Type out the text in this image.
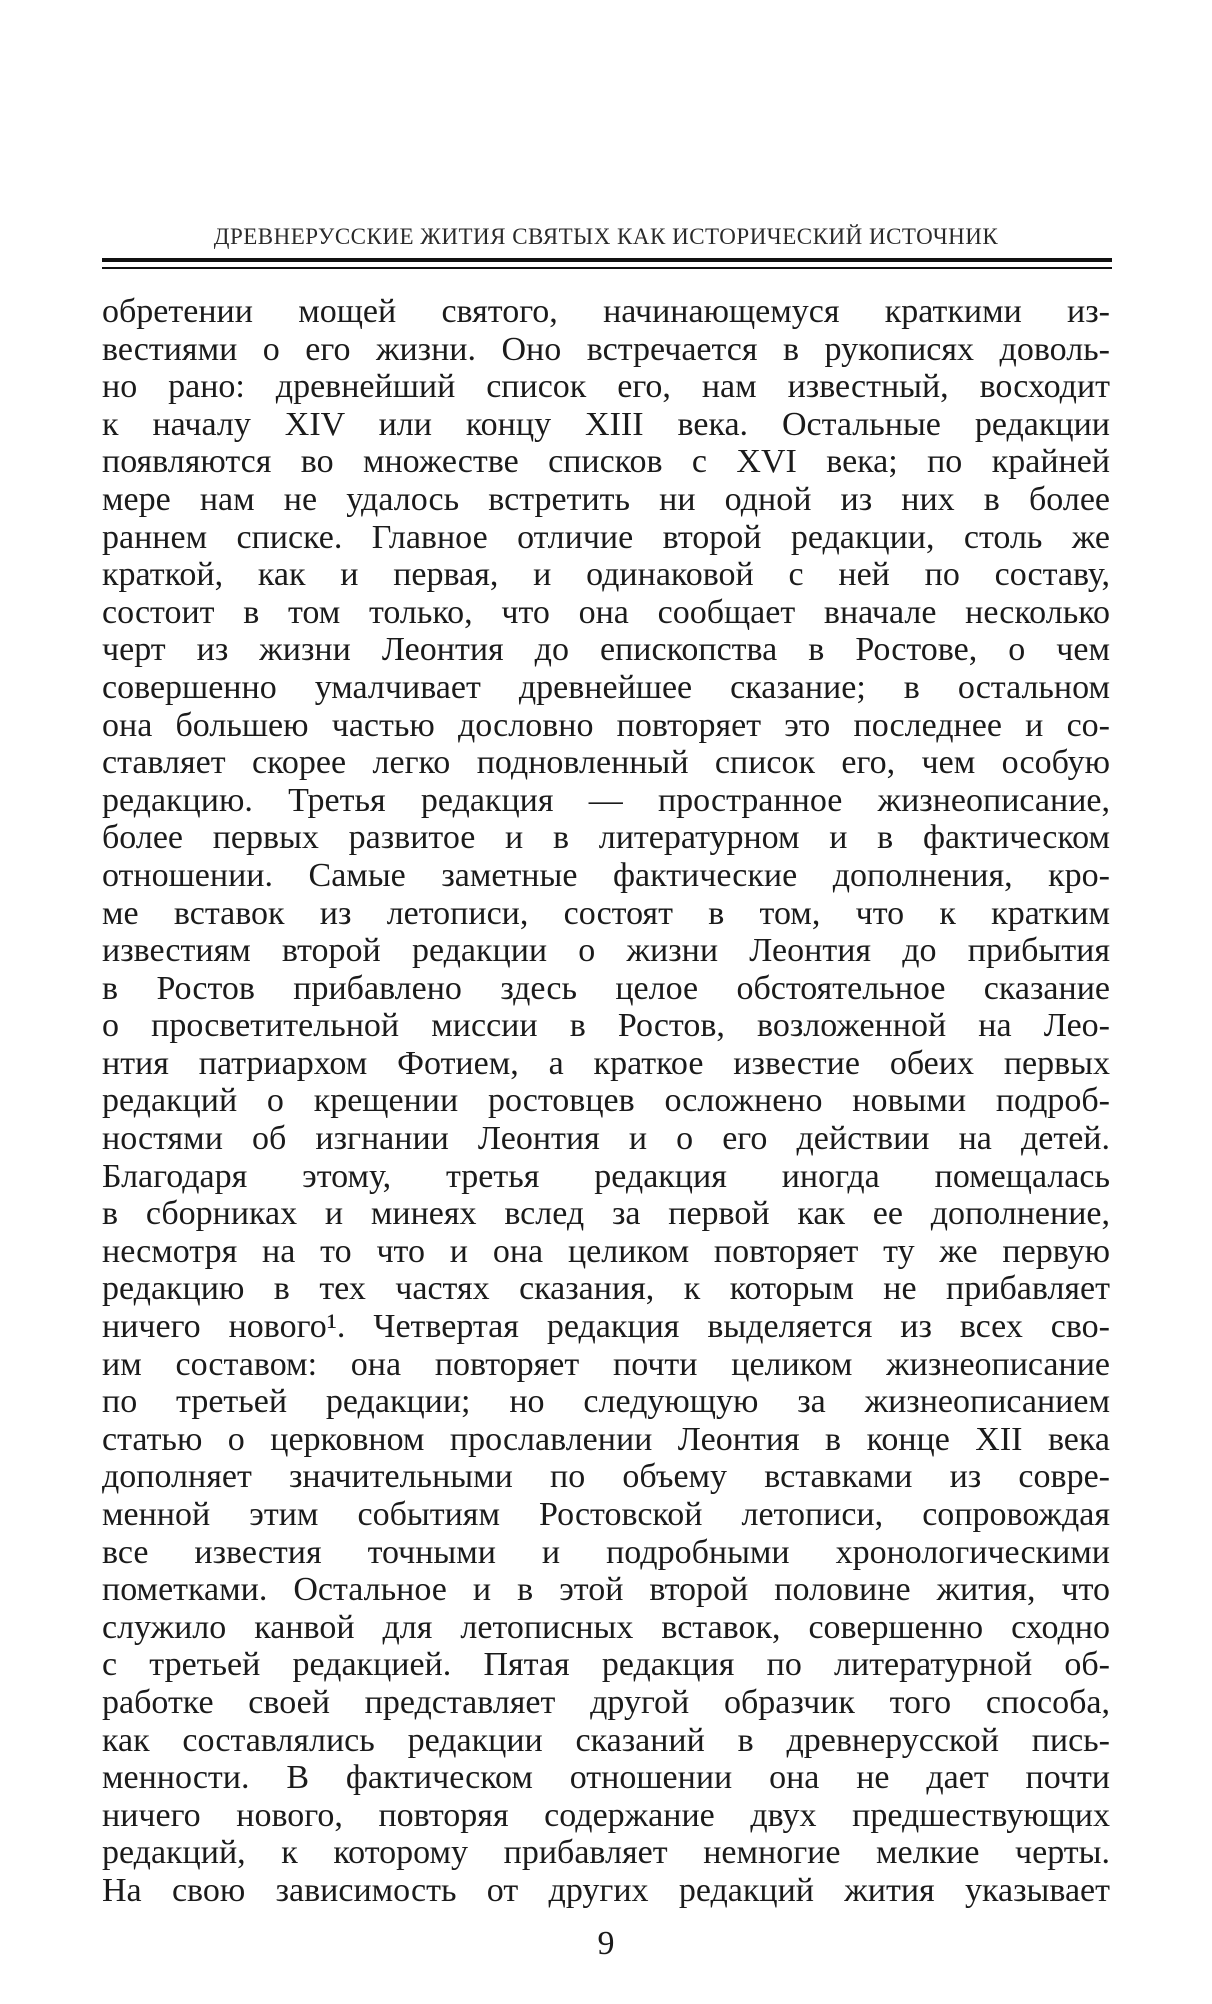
ДРЕВНЕРУССКИЕ ЖИТИЯ СВЯТЫХ КАК ИСТОРИЧЕСКИЙ ИСТОЧНИК
обретении мощей святого, начинающемуся краткими из-
вестиями о его жизни. Оно встречается в рукописях доволь-
но рано: древнейший список его, нам известный, восходит
к началу XIV или концу XIII века. Остальные редакции
появляются во множестве списков с XVI века; по крайней
мере нам не удалось встретить ни одной из них в более
раннем списке. Главное отличие второй редакции, столь же
краткой, как и первая, и одинаковой с ней по составу,
состоит в том только, что она сообщает вначале несколько
черт из жизни Леонтия до епископства в Ростове, о чем
совершенно умалчивает древнейшее сказание; в остальном
она большею частью дословно повторяет это последнее и со-
ставляет скорее легко подновленный список его, чем особую
редакцию. Третья редакция — пространное жизнеописание,
более первых развитое и в литературном и в фактическом
отношении. Самые заметные фактические дополнения, кро-
ме вставок из летописи, состоят в том, что к кратким
известиям второй редакции о жизни Леонтия до прибытия
в Ростов прибавлено здесь целое обстоятельное сказание
о просветительной миссии в Ростов, возложенной на Лео-
нтия патриархом Фотием, а краткое известие обеих первых
редакций о крещении ростовцев осложнено новыми подроб-
ностями об изгнании Леонтия и о его действии на детей.
Благодаря этому, третья редакция иногда помещалась
в сборниках и минеях вслед за первой как ее дополнение,
несмотря на то что и она целиком повторяет ту же первую
редакцию в тех частях сказания, к которым не прибавляет
ничего нового¹. Четвертая редакция выделяется из всех сво-
им составом: она повторяет почти целиком жизнеописание
по третьей редакции; но следующую за жизнеописанием
статью о церковном прославлении Леонтия в конце XII века
дополняет значительными по объему вставками из совре-
менной этим событиям Ростовской летописи, сопровождая
все известия точными и подробными хронологическими
пометками. Остальное и в этой второй половине жития, что
служило канвой для летописных вставок, совершенно сходно
с третьей редакцией. Пятая редакция по литературной об-
работке своей представляет другой образчик того способа,
как составлялись редакции сказаний в древнерусской пись-
менности. В фактическом отношении она не дает почти
ничего нового, повторяя содержание двух предшествующих
редакций, к которому прибавляет немногие мелкие черты.
На свою зависимость от других редакций жития указывает
9
